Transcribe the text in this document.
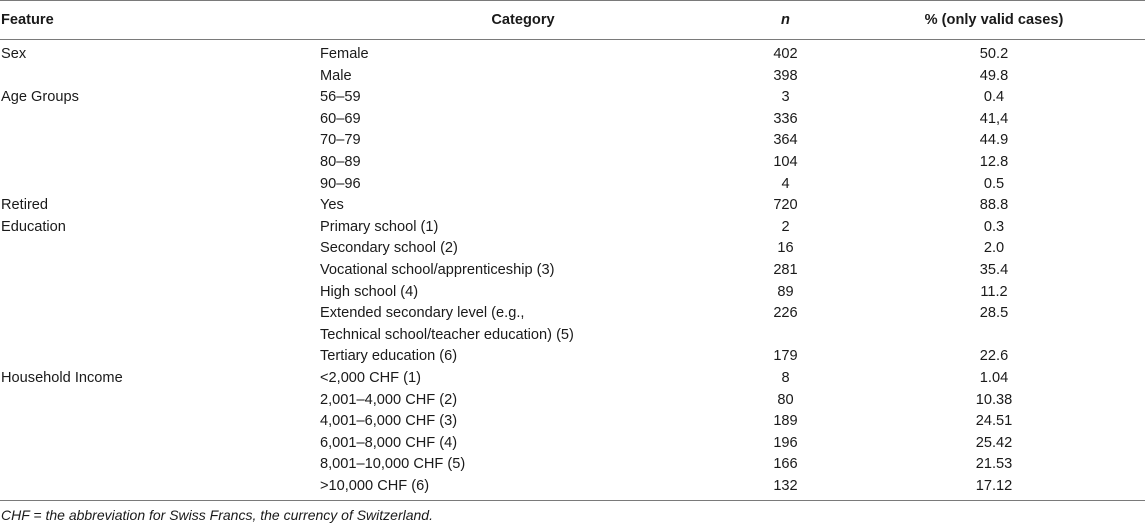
Feature	Category	n	% (only valid cases)
Sex	Female	402	50.2
	Male	398	49.8
Age Groups	56–59	3	0.4
	60–69	336	41,4
	70–79	364	44.9
	80–89	104	12.8
	90–96	4	0.5
Retired	Yes	720	88.8
Education	Primary school (1)	2	0.3
	Secondary school (2)	16	2.0
	Vocational school/apprenticeship (3)	281	35.4
	High school (4)	89	11.2
	Extended secondary level (e.g.,	226	28.5
	Technical school/teacher education) (5)		
	Tertiary education (6)	179	22.6
Household Income	<2,000 CHF (1)	8	1.04
	2,001–4,000 CHF (2)	80	10.38
	4,001–6,000 CHF (3)	189	24.51
	6,001–8,000 CHF (4)	196	25.42
	8,001–10,000 CHF (5)	166	21.53
	>10,000 CHF (6)	132	17.12
CHF = the abbreviation for Swiss Francs, the currency of Switzerland.
